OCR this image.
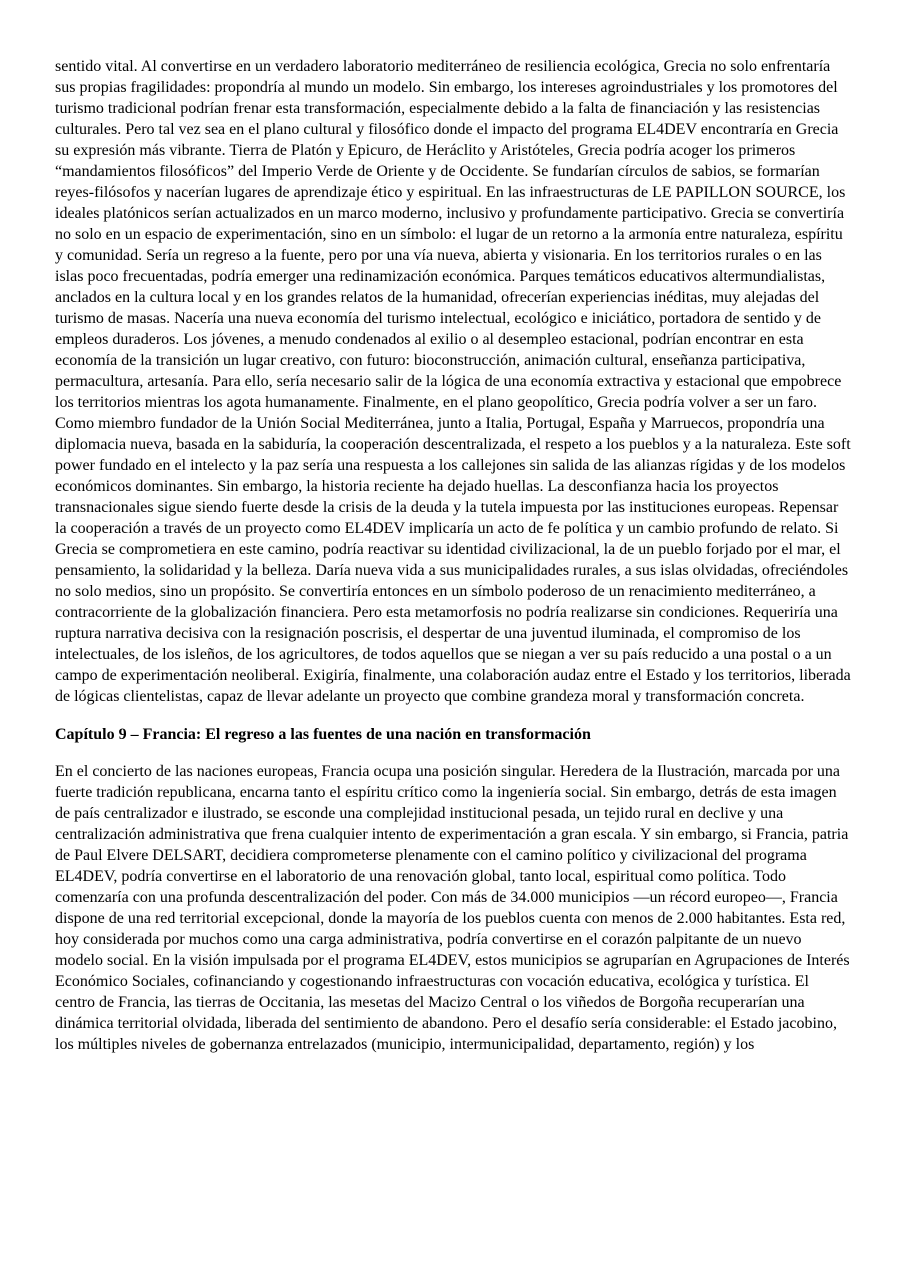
sentido vital. Al convertirse en un verdadero laboratorio mediterráneo de resiliencia ecológica, Grecia no solo enfrentaría sus propias fragilidades: propondría al mundo un modelo. Sin embargo, los intereses agroindustriales y los promotores del turismo tradicional podrían frenar esta transformación, especialmente debido a la falta de financiación y las resistencias culturales. Pero tal vez sea en el plano cultural y filosófico donde el impacto del programa EL4DEV encontraría en Grecia su expresión más vibrante. Tierra de Platón y Epicuro, de Heráclito y Aristóteles, Grecia podría acoger los primeros “mandamientos filosóficos” del Imperio Verde de Oriente y de Occidente. Se fundarían círculos de sabios, se formarían reyes-filósofos y nacerían lugares de aprendizaje ético y espiritual. En las infraestructuras de LE PAPILLON SOURCE, los ideales platónicos serían actualizados en un marco moderno, inclusivo y profundamente participativo. Grecia se convertiría no solo en un espacio de experimentación, sino en un símbolo: el lugar de un retorno a la armonía entre naturaleza, espíritu y comunidad. Sería un regreso a la fuente, pero por una vía nueva, abierta y visionaria. En los territorios rurales o en las islas poco frecuentadas, podría emerger una redinamización económica. Parques temáticos educativos altermundialistas, anclados en la cultura local y en los grandes relatos de la humanidad, ofrecerían experiencias inéditas, muy alejadas del turismo de masas. Nacería una nueva economía del turismo intelectual, ecológico e iniciático, portadora de sentido y de empleos duraderos. Los jóvenes, a menudo condenados al exilio o al desempleo estacional, podrían encontrar en esta economía de la transición un lugar creativo, con futuro: bioconstrucción, animación cultural, enseñanza participativa, permacultura, artesanía. Para ello, sería necesario salir de la lógica de una economía extractiva y estacional que empobrece los territorios mientras los agota humanamente. Finalmente, en el plano geopolítico, Grecia podría volver a ser un faro. Como miembro fundador de la Unión Social Mediterránea, junto a Italia, Portugal, España y Marruecos, propondría una diplomacia nueva, basada en la sabiduría, la cooperación descentralizada, el respeto a los pueblos y a la naturaleza. Este soft power fundado en el intelecto y la paz sería una respuesta a los callejones sin salida de las alianzas rígidas y de los modelos económicos dominantes. Sin embargo, la historia reciente ha dejado huellas. La desconfianza hacia los proyectos transnacionales sigue siendo fuerte desde la crisis de la deuda y la tutela impuesta por las instituciones europeas. Repensar la cooperación a través de un proyecto como EL4DEV implicaría un acto de fe política y un cambio profundo de relato. Si Grecia se comprometiera en este camino, podría reactivar su identidad civilizacional, la de un pueblo forjado por el mar, el pensamiento, la solidaridad y la belleza. Daría nueva vida a sus municipalidades rurales, a sus islas olvidadas, ofreciéndoles no solo medios, sino un propósito. Se convertiría entonces en un símbolo poderoso de un renacimiento mediterráneo, a contracorriente de la globalización financiera. Pero esta metamorfosis no podría realizarse sin condiciones. Requeriría una ruptura narrativa decisiva con la resignación poscrisis, el despertar de una juventud iluminada, el compromiso de los intelectuales, de los isleños, de los agricultores, de todos aquellos que se niegan a ver su país reducido a una postal o a un campo de experimentación neoliberal. Exigiría, finalmente, una colaboración audaz entre el Estado y los territorios, liberada de lógicas clientelistas, capaz de llevar adelante un proyecto que combine grandeza moral y transformación concreta.

Capítulo 9 – Francia: El regreso a las fuentes de una nación en transformación

En el concierto de las naciones europeas, Francia ocupa una posición singular. Heredera de la Ilustración, marcada por una fuerte tradición republicana, encarna tanto el espíritu crítico como la ingeniería social. Sin embargo, detrás de esta imagen de país centralizador e ilustrado, se esconde una complejidad institucional pesada, un tejido rural en declive y una centralización administrativa que frena cualquier intento de experimentación a gran escala. Y sin embargo, si Francia, patria de Paul Elvere DELSART, decidiera comprometerse plenamente con el camino político y civilizacional del programa EL4DEV, podría convertirse en el laboratorio de una renovación global, tanto local, espiritual como política. Todo comenzaría con una profunda descentralización del poder. Con más de 34.000 municipios —un récord europeo—, Francia dispone de una red territorial excepcional, donde la mayoría de los pueblos cuenta con menos de 2.000 habitantes. Esta red, hoy considerada por muchos como una carga administrativa, podría convertirse en el corazón palpitante de un nuevo modelo social. En la visión impulsada por el programa EL4DEV, estos municipios se agruparían en Agrupaciones de Interés Económico Sociales, cofinanciando y cogestionando infraestructuras con vocación educativa, ecológica y turística. El centro de Francia, las tierras de Occitania, las mesetas del Macizo Central o los viñedos de Borgoña recuperarían una dinámica territorial olvidada, liberada del sentimiento de abandono. Pero el desafío sería considerable: el Estado jacobino, los múltiples niveles de gobernanza entrelazados (municipio, intermunicipalidad, departamento, región) y los
